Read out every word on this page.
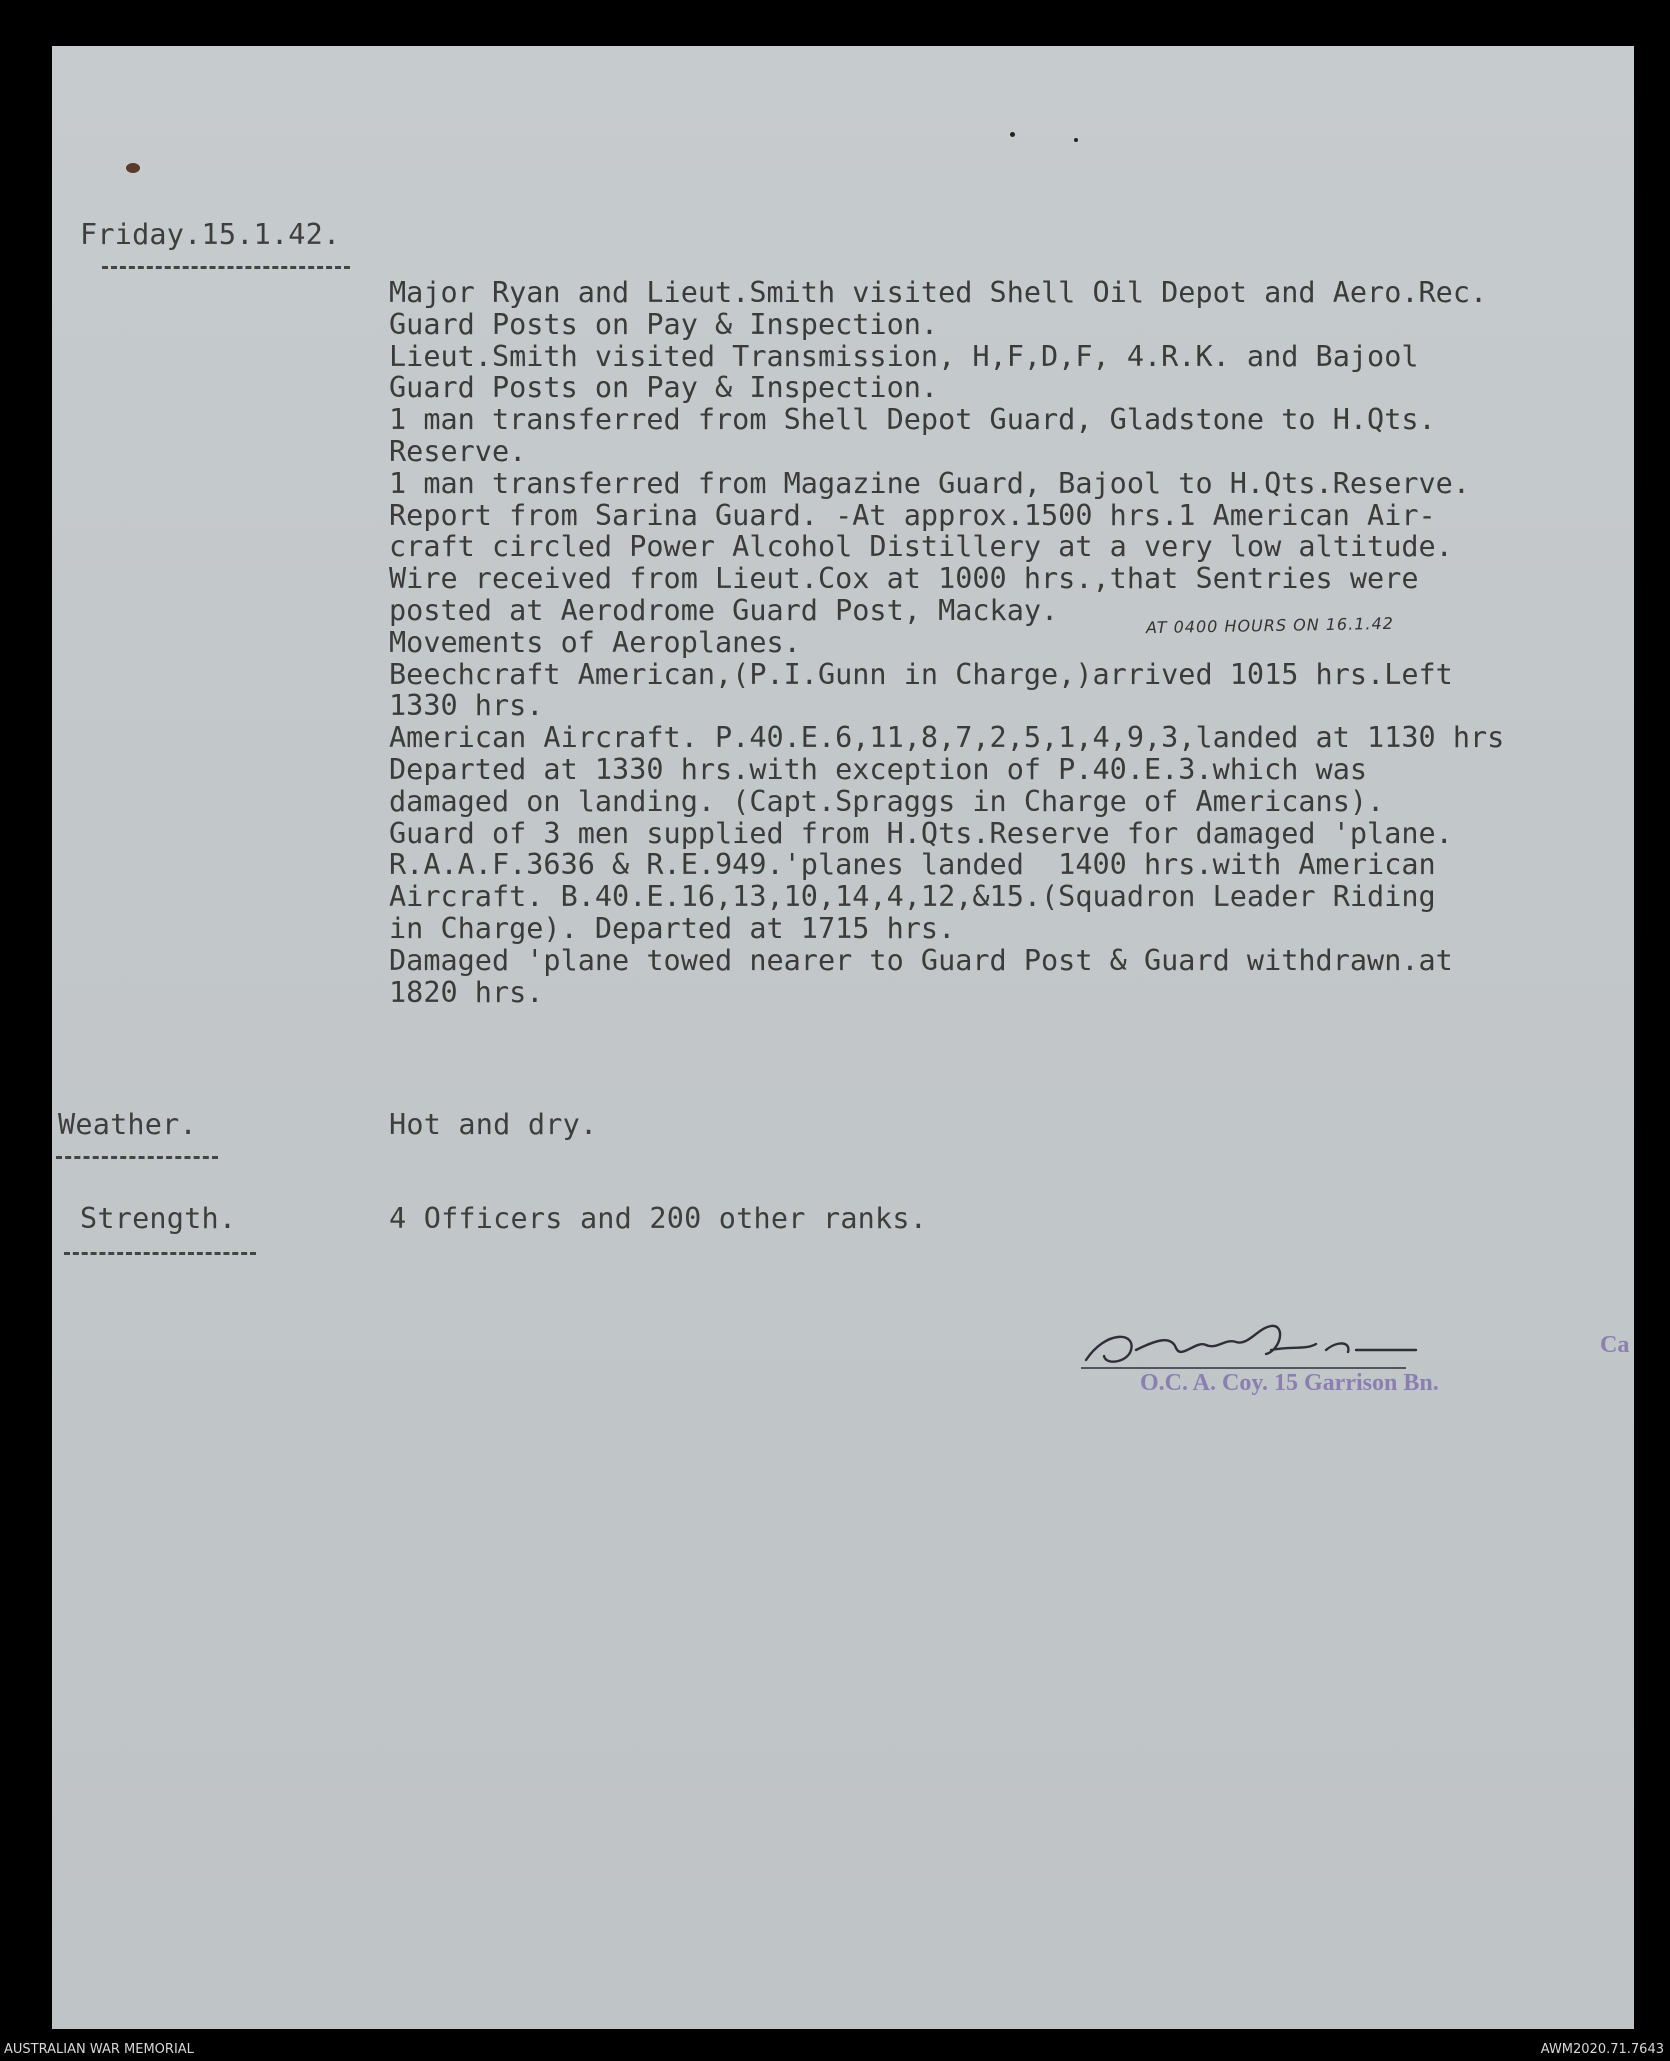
Friday.15.1.42.
Major Ryan and Lieut.Smith visited Shell Oil Depot and Aero.Rec.
Guard Posts on Pay & Inspection.
Lieut.Smith visited Transmission, H,F,D,F, 4.R.K. and Bajool
Guard Posts on Pay & Inspection.
1 man transferred from Shell Depot Guard, Gladstone to H.Qts.
Reserve.
1 man transferred from Magazine Guard, Bajool to H.Qts.Reserve.
Report from Sarina Guard. -At approx.1500 hrs.1 American Air-
craft circled Power Alcohol Distillery at a very low altitude.
Wire received from Lieut.Cox at 1000 hrs.,that Sentries were
posted at Aerodrome Guard Post, Mackay.
Movements of Aeroplanes.
Beechcraft American,(P.I.Gunn in Charge,)arrived 1015 hrs.Left
1330 hrs.
American Aircraft. P.40.E.6,11,8,7,2,5,1,4,9,3,landed at 1130 hrs
Departed at 1330 hrs.with exception of P.40.E.3.which was
damaged on landing. (Capt.Spraggs in Charge of Americans).
Guard of 3 men supplied from H.Qts.Reserve for damaged 'plane.
R.A.A.F.3636 & R.E.949.'planes landed  1400 hrs.with American
Aircraft. B.40.E.16,13,10,14,4,12,&15.(Squadron Leader Riding
in Charge). Departed at 1715 hrs.
Damaged 'plane towed nearer to Guard Post & Guard withdrawn.at
1820 hrs.
AT 0400 HOURS ON 16.1.42
Weather.	Hot and dry.
Strength.	4 Officers and 200 other ranks.
O.C. A. Coy. 15 Garrison Bn.
Ca
AUSTRALIAN WAR MEMORIAL	AWM2020.71.7643
